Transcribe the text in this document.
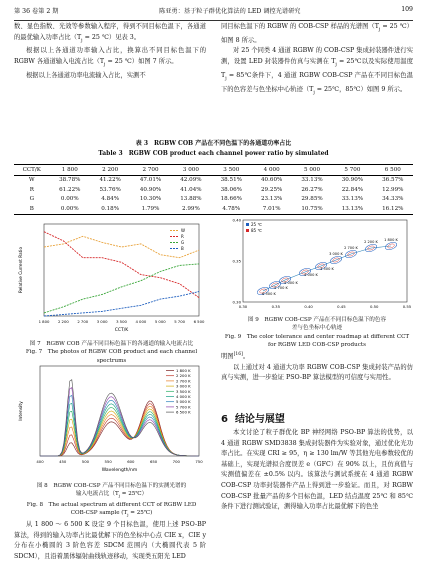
第 36 卷第 2 期	陈亚勇：基于粒子群优化算法的 LED 调控光谱研究	109

数、显色指数、光效等参数输入程序，得到不同目标色温下，各通道的最优输入功率占比（$T_j = 25$ ℃）见表 3。

根据以上各通道功率输入占比，换算出不同目标色温下的 RGBW 各通道输入电流占比（$T_j = 25$ ℃）如图 7 所示。

根据以上各通道功率电流输入占比，实测不

同目标色温下的 RGBW 的 COB-CSP 样品的光谱图（$T_j = 25$ ℃）如图 8 所示。

对 25 个同类 4 通道 RGBW 的 COB-CSP 集成封装器件进行实测，设置 LED 封装器件仿真与实测在 $T_j$ = 25℃以及实际使用温度 $T_j$ = 85℃条件下，4 通道 RGBW COB-CSP 产品在不同目标色温下的色容差与色坐标中心轨迹（$T_j$ = 25℃，85℃）如图 9 所示。

表 3　RGBW COB 产品在不同色温下的各通道功率占比
Table 3　RGBW COB product each channel power ratio by simulated
CCT/K	1 800	2 200	2 700	3 000	3 500	4 000	5 000	5 700	6 500
W	38.78%	41.22%	47.01%	42.09%	38.51%	40.60%	33.13%	30.90%	36.57%
R	61.22%	53.76%	40.90%	41.04%	38.06%	29.25%	26.27%	22.84%	12.99%
G	0.00%	4.84%	10.30%	13.88%	18.66%	23.13%	29.85%	33.13%	34.33%
B	0.00%	0.18%	1.79%	2.99%	4.78%	7.01%	10.75%	13.13%	16.12%
1 800 2 200 2 700 3 000 3 500 4 000 5 000 5 700 6 500
CCT/K
Relative Current Ratio
W
R
G
B
图 7　RGBW COB 产品不同目标色温下的各通道的输入电流占比
Fig. 7　The photos of RGBW COB product and each channel spectrums
400	450	500	550	600	650	700	750
Wavelength/nm
Intensity
1 800 K
2 200 K
2 700 K
3 000 K
3 500 K
4 000 K
5 000 K
5 700 K
6 500 K
图 8　RGBW COB-CSP 产品不同目标色温下的实测光谱的
输入电流占比（$T_j$ = 25℃）
Fig. 8　The actual spectrum at different CCT of RGBW LED
COB-CSP sample ($T_j$ = 25℃)

从 1 800 ～ 6 500 K 设定 9 个目标色温，使用上述 PSO-BP 算法，得到的输入功率占比最优解下的色坐标中心点 CIE x，CIE y 分布在小椭圆的 3 阶色容差 SDCM 范围内（大椭圆代表 5 阶 SDCM），且沿着黑体辐射曲线轨迹移动，实现类五阳光 LED

0.30
0.35
0.40
0.30	0.35	0.40	0.45	0.50	0.55
25 ℃
85 ℃
1 800 K
2 200 K
2 700 K
3 000 K
3 500 K
4 000 K
5 000 K
5 700 K
6 500 K
图 9　RGBW COB-CSP 产品在不同目标色温下的色容
差与色坐标中心轨迹
Fig. 9　The color tolerance and center roadmap at different CCT
for RGBW LED COB-CSP products

明图[16]。

以上通过对 4 通道大功率 RGBW COB-CSP 集成封装产品的仿真与实测，进一步验证 PSO-BP 算法模型的可信度与实用性。

6 结论与展望

本文讨论了粒子群优化 BP 神经网络 PSO-BP 算法的优势，以 4 通道 RGBW SMD3838 集成封装器件为实验对象，通过优化光功率占比。在实现 CRI ≥ 95，η ≥ 130 lm/W 等其他光电参数较优的基础上，实现光谱拟合度误差 e（GFC）在 90% 以上，且仿真值与实测值偏差在 ±0.5% 以内。该算法与测试系统在 4 通道 RGBW COB-CSP 功率封装器件产品上得到进一步验证。而且，对 RGBW COB-CSP 批量产品的多个目标色温，LED 结点温度 25℃ 和 85℃ 条件下进行测试验证，测得输入功率占比最优解下的色坐
